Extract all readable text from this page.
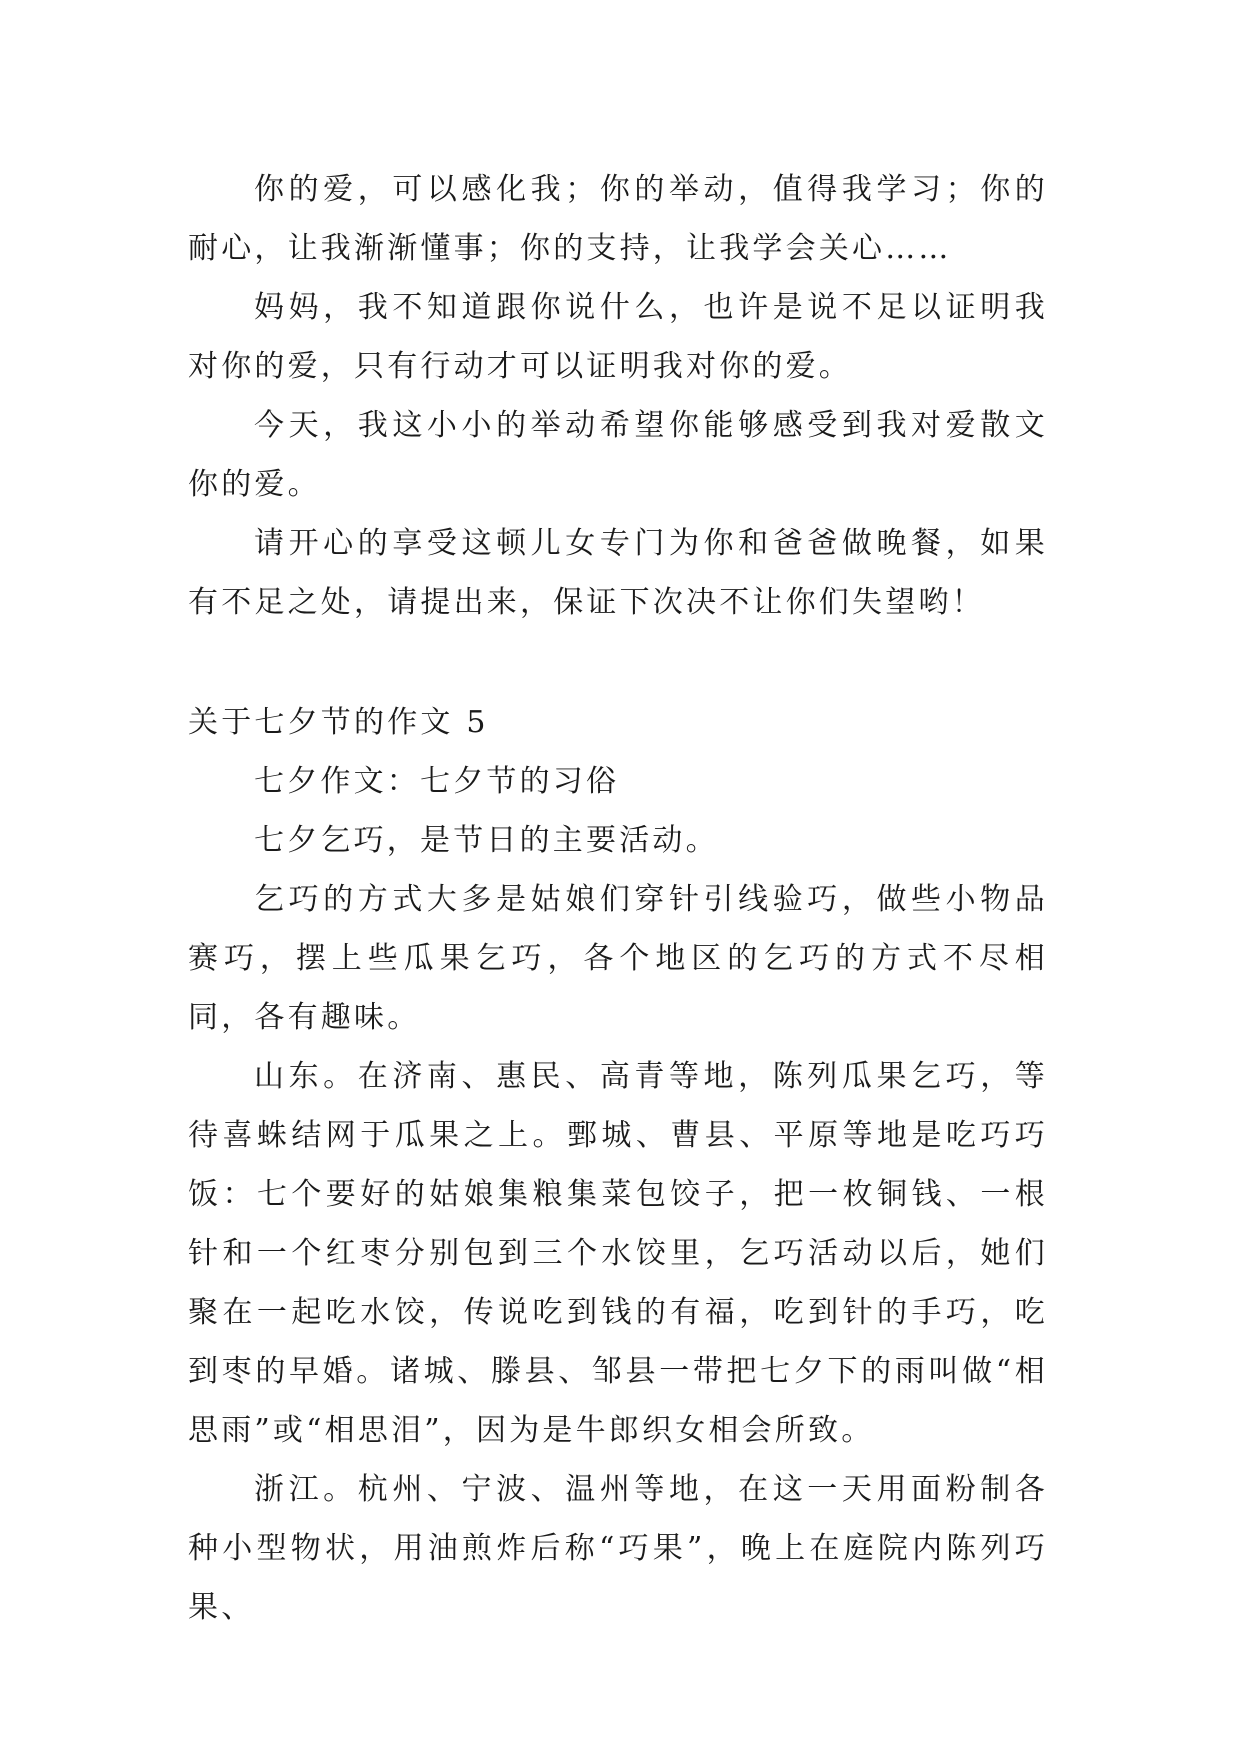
你的爱，可以感化我；你的举动，值得我学习；你的耐心，让我渐渐懂事；你的支持，让我学会关心……

妈妈，我不知道跟你说什么，也许是说不足以证明我对你的爱，只有行动才可以证明我对你的爱。

今天，我这小小的举动希望你能够感受到我对爱散文你的爱。

请开心的享受这顿儿女专门为你和爸爸做晚餐，如果有不足之处，请提出来，保证下次决不让你们失望哟！

关于七夕节的作文 5

七夕作文：七夕节的习俗

七夕乞巧，是节日的主要活动。

乞巧的方式大多是姑娘们穿针引线验巧，做些小物品赛巧，摆上些瓜果乞巧，各个地区的乞巧的方式不尽相同，各有趣味。

山东。在济南、惠民、高青等地，陈列瓜果乞巧，等待喜蛛结网于瓜果之上。鄄城、曹县、平原等地是吃巧巧饭：七个要好的姑娘集粮集菜包饺子，把一枚铜钱、一根针和一个红枣分别包到三个水饺里，乞巧活动以后，她们聚在一起吃水饺，传说吃到钱的有福，吃到针的手巧，吃到枣的早婚。诸城、滕县、邹县一带把七夕下的雨叫做“相思雨”或“相思泪”，因为是牛郎织女相会所致。

浙江。杭州、宁波、温州等地，在这一天用面粉制各种小型物状，用油煎炸后称“巧果”，晚上在庭院内陈列巧果、
